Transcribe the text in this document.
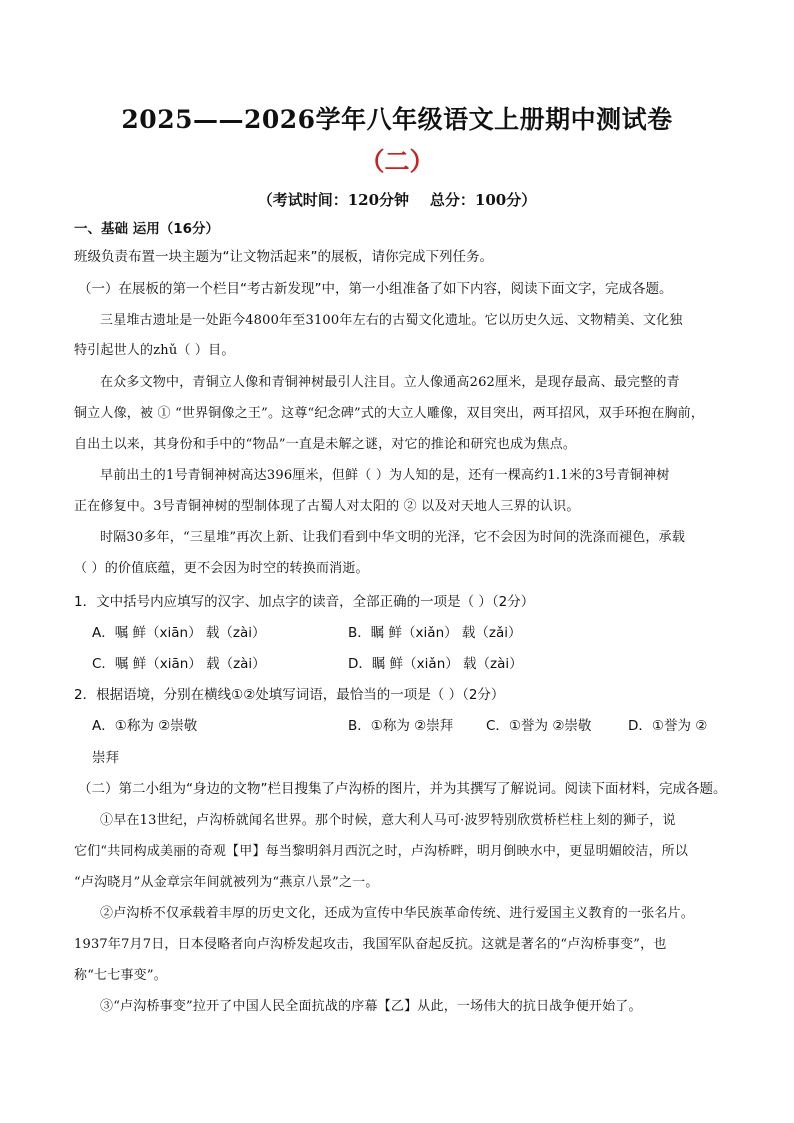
2025——2026学年八年级语文上册期中测试卷
（二）
（考试时间：120分钟    总分：100分）
一、基础 运用（16分）
班级负责布置一块主题为“让文物活起来”的展板，请你完成下列任务。
（一）在展板的第一个栏目“考古新发现”中，第一小组准备了如下内容，阅读下面文字，完成各题。
三星堆古遗址是一处距今4800年至3100年左右的古蜀文化遗址。它以历史久远、文物精美、文化独
特引起世人的zhǔ（ ）目。
在众多文物中，青铜立人像和青铜神树最引人注目。立人像通高262厘米，是现存最高、最完整的青
铜立人像，被 ① “世界铜像之王”。这尊“纪念碑”式的大立人雕像，双目突出，两耳招风，双手环抱在胸前，
自出土以来，其身份和手中的“物品”一直是未解之谜，对它的推论和研究也成为焦点。
早前出土的1号青铜神树高达396厘米，但鲜（ ）为人知的是，还有一棵高约1.1米的3号青铜神树
正在修复中。3号青铜神树的型制体现了古蜀人对太阳的 ② 以及对天地人三界的认识。
时隔30多年，“三星堆”再次上新、让我们看到中华文明的光泽，它不会因为时间的洗涤而褪色，承载
（ ）的价值底蕴，更不会因为时空的转换而消逝。
1．文中括号内应填写的汉字、加点字的读音，全部正确的一项是（ ）（2分）
A．嘱 鲜（xiān） 载（zài）	B．瞩 鲜（xiǎn） 载（zǎi）
C．嘱 鲜（xiān） 载（zài）	D．瞩 鲜（xiǎn） 载（zài）
2．根据语境，分别在横线①②处填写词语，最恰当的一项是（ ）（2分）
A．①称为 ②崇敬	B．①称为 ②崇拜 C．①誉为 ②崇敬	D．①誉为 ②
崇拜
（二）第二小组为“身边的文物”栏目搜集了卢沟桥的图片，并为其撰写了解说词。阅读下面材料，完成各题。
①早在13世纪，卢沟桥就闻名世界。那个时候，意大利人马可·波罗特别欣赏桥栏柱上刻的狮子，说
它们“共同构成美丽的奇观【甲】每当黎明斜月西沉之时，卢沟桥畔，明月倒映水中，更显明媚皎洁，所以
“卢沟晓月”从金章宗年间就被列为“燕京八景”之一。
②卢沟桥不仅承载着丰厚的历史文化，还成为宣传中华民族革命传统、进行爱国主义教育的一张名片。
1937年7月7日，日本侵略者向卢沟桥发起攻击，我国军队奋起反抗。这就是著名的“卢沟桥事变”，也
称“七七事变”。
③“卢沟桥事变”拉开了中国人民全面抗战的序幕【乙】从此，一场伟大的抗日战争便开始了。
